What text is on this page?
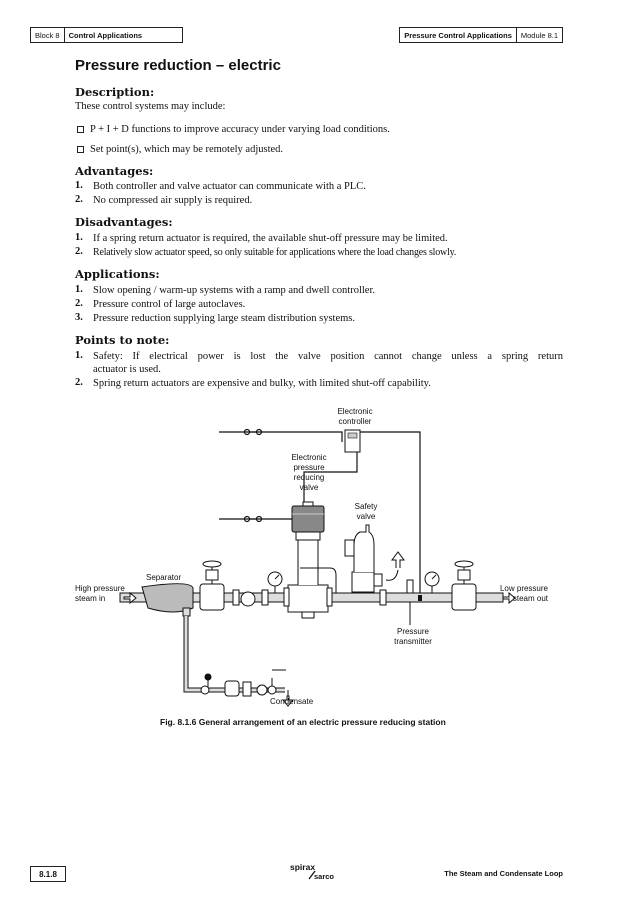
Block 8	Control Applications	Pressure Control Applications	Module 8.1
Pressure reduction – electric
Description:
These control systems may include:
P + I + D functions to improve accuracy under varying load conditions.
Set point(s), which may be remotely adjusted.
Advantages:
1. Both controller and valve actuator can communicate with a PLC.
2. No compressed air supply is required.
Disadvantages:
1. If a spring return actuator is required, the available shut-off pressure may be limited.
2. Relatively slow actuator speed, so only suitable for applications where the load changes slowly.
Applications:
1. Slow opening / warm-up systems with a ramp and dwell controller.
2. Pressure control of large autoclaves.
3. Pressure reduction supplying large steam distribution systems.
Points to note:
1. Safety: If electrical power is lost the valve position cannot change unless a spring return
actuator is used.
2. Spring return actuators are expensive and bulky, with limited shut-off capability.
Electronic
controller
Electronic
pressure
reducing
valve
Safety
valve
Separator
High pressure
steam in
Low pressure
steam out
Pressure
transmitter
Condensate
Fig. 8.1.6 General arrangement of an electric pressure reducing station
8.1.8
spirax
sarco	The Steam and Condensate Loop
